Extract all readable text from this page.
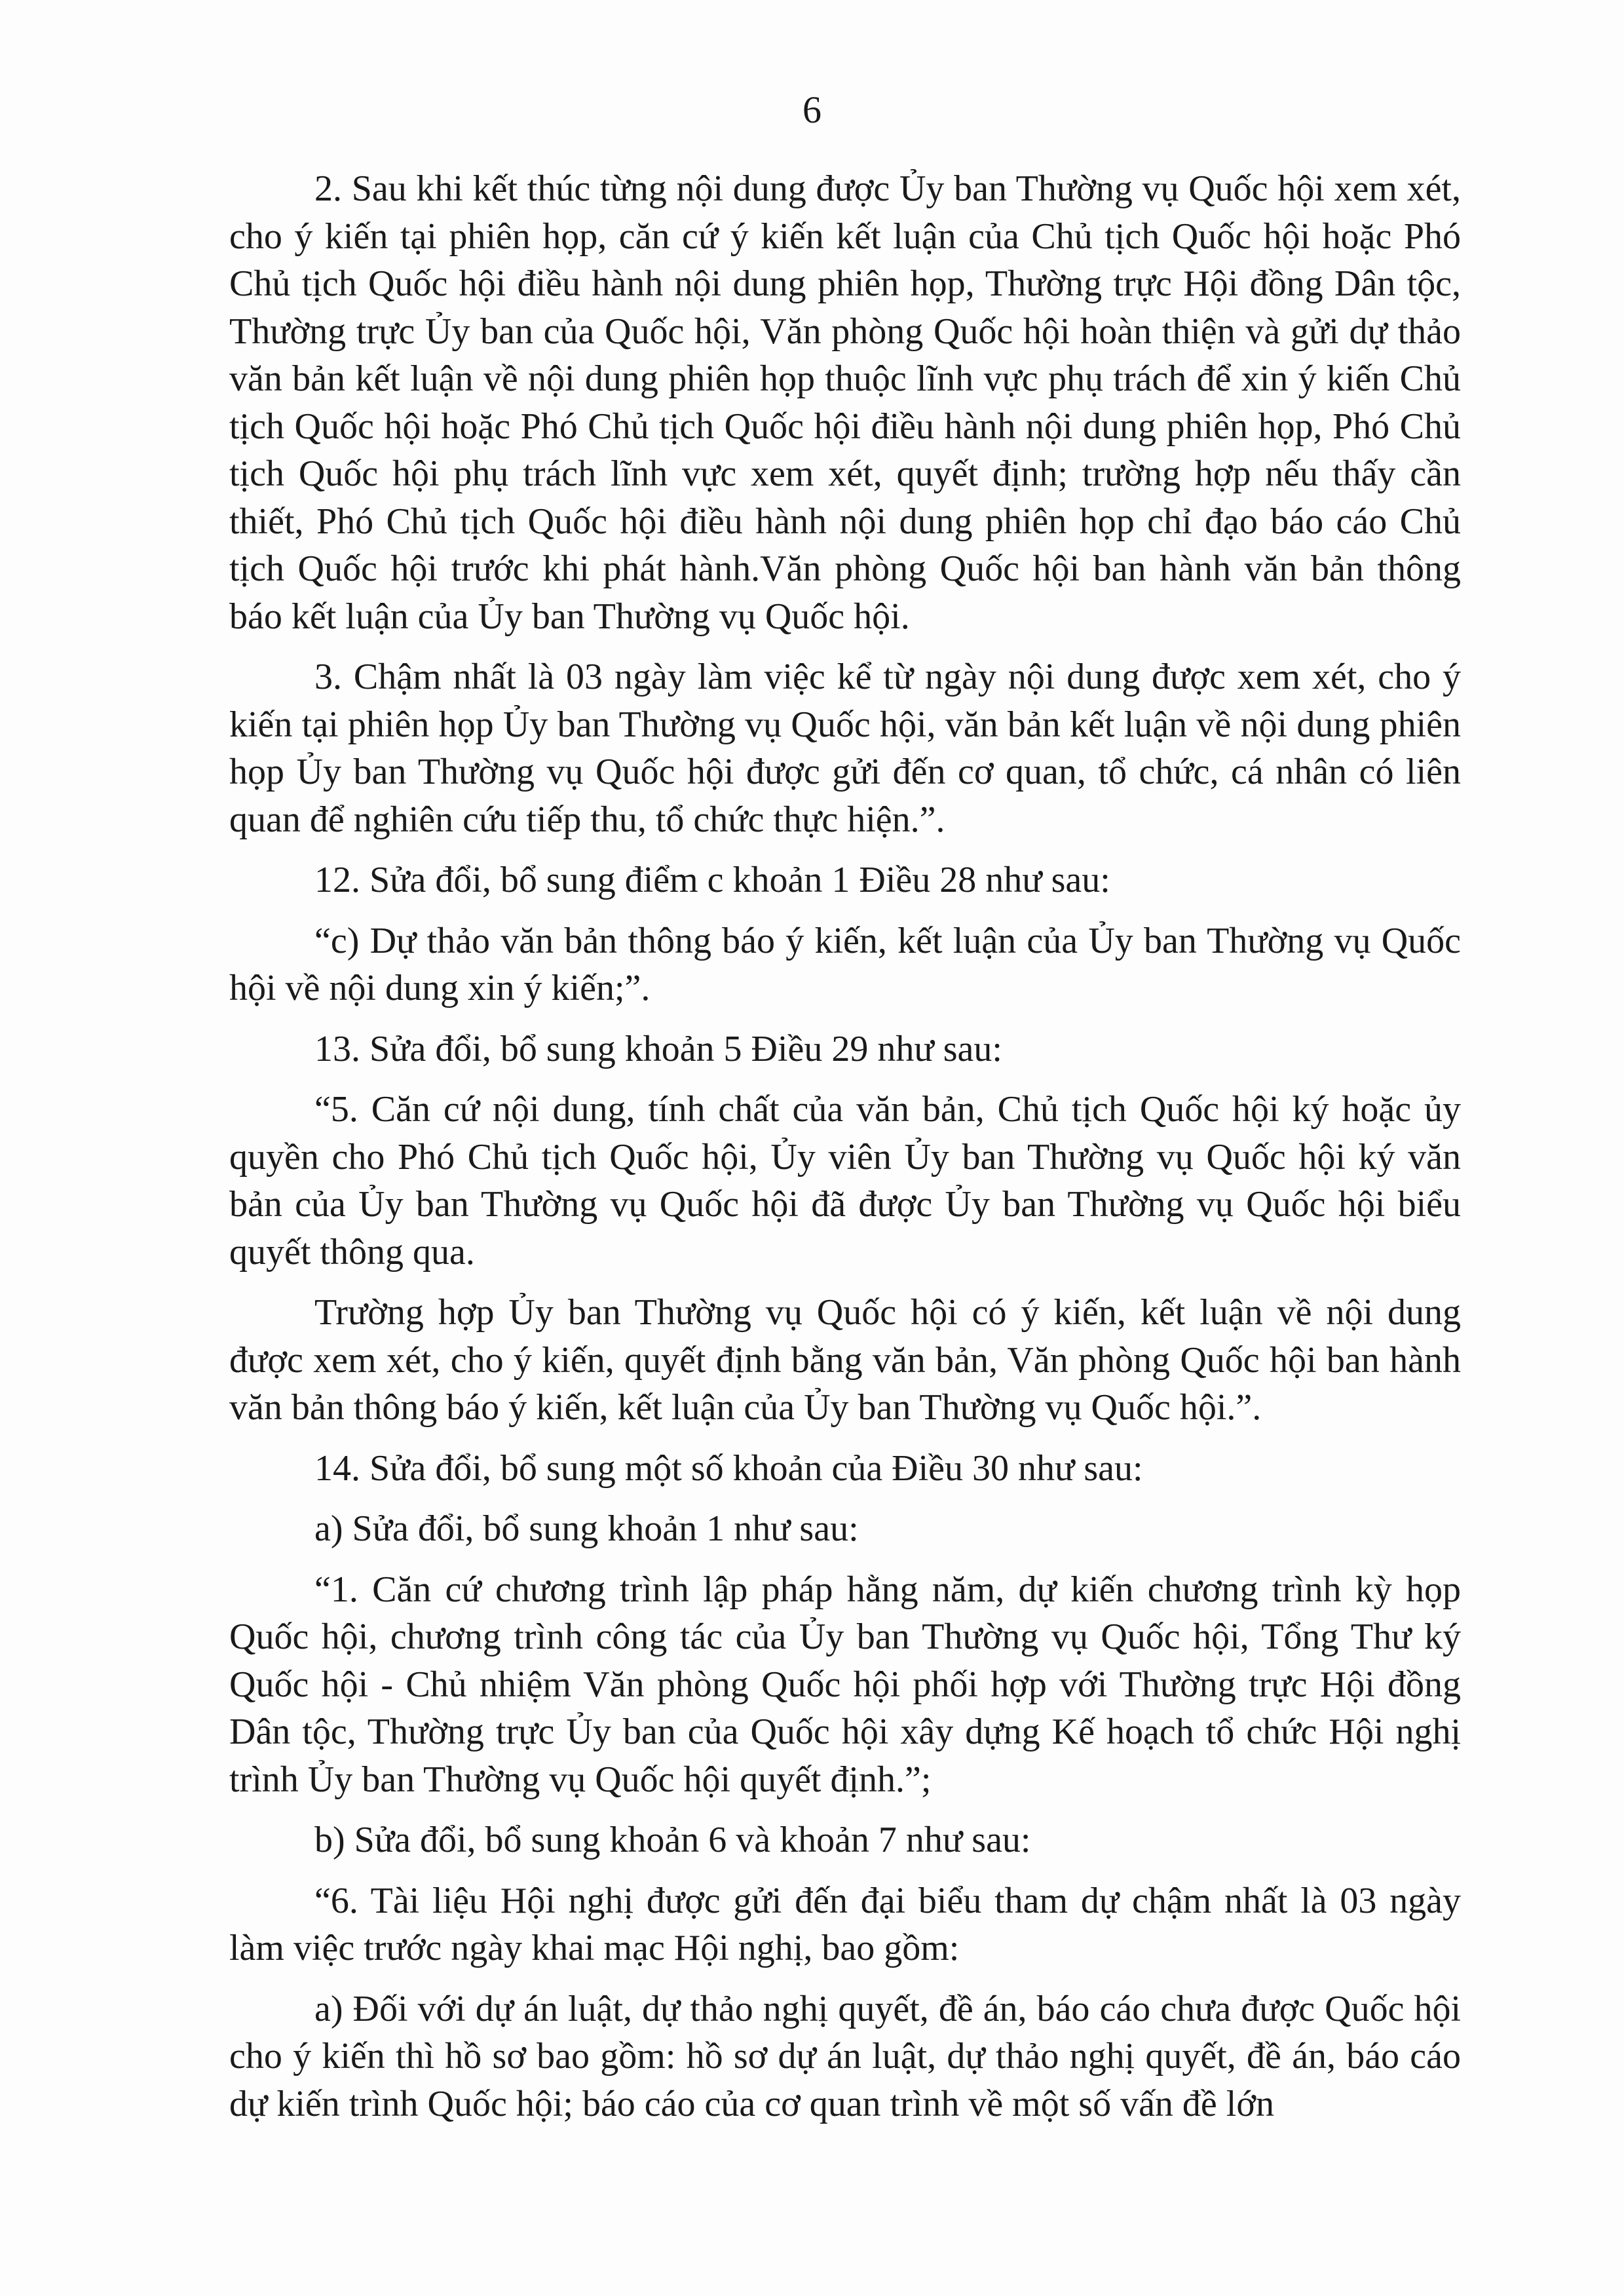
6

2. Sau khi kết thúc từng nội dung được Ủy ban Thường vụ Quốc hội xem xét, cho ý kiến tại phiên họp, căn cứ ý kiến kết luận của Chủ tịch Quốc hội hoặc Phó Chủ tịch Quốc hội điều hành nội dung phiên họp, Thường trực Hội đồng Dân tộc, Thường trực Ủy ban của Quốc hội, Văn phòng Quốc hội hoàn thiện và gửi dự thảo văn bản kết luận về nội dung phiên họp thuộc lĩnh vực phụ trách để xin ý kiến Chủ tịch Quốc hội hoặc Phó Chủ tịch Quốc hội điều hành nội dung phiên họp, Phó Chủ tịch Quốc hội phụ trách lĩnh vực xem xét, quyết định; trường hợp nếu thấy cần thiết, Phó Chủ tịch Quốc hội điều hành nội dung phiên họp chỉ đạo báo cáo Chủ tịch Quốc hội trước khi phát hành.Văn phòng Quốc hội ban hành văn bản thông báo kết luận của Ủy ban Thường vụ Quốc hội.

3. Chậm nhất là 03 ngày làm việc kể từ ngày nội dung được xem xét, cho ý kiến tại phiên họp Ủy ban Thường vụ Quốc hội, văn bản kết luận về nội dung phiên họp Ủy ban Thường vụ Quốc hội được gửi đến cơ quan, tổ chức, cá nhân có liên quan để nghiên cứu tiếp thu, tổ chức thực hiện.”.

12. Sửa đổi, bổ sung điểm c khoản 1 Điều 28 như sau:

“c) Dự thảo văn bản thông báo ý kiến, kết luận của Ủy ban Thường vụ Quốc hội về nội dung xin ý kiến;”.

13. Sửa đổi, bổ sung khoản 5 Điều 29 như sau:

“5. Căn cứ nội dung, tính chất của văn bản, Chủ tịch Quốc hội ký hoặc ủy quyền cho Phó Chủ tịch Quốc hội, Ủy viên Ủy ban Thường vụ Quốc hội ký văn bản của Ủy ban Thường vụ Quốc hội đã được Ủy ban Thường vụ Quốc hội biểu quyết thông qua.

Trường hợp Ủy ban Thường vụ Quốc hội có ý kiến, kết luận về nội dung được xem xét, cho ý kiến, quyết định bằng văn bản, Văn phòng Quốc hội ban hành văn bản thông báo ý kiến, kết luận của Ủy ban Thường vụ Quốc hội.”.

14. Sửa đổi, bổ sung một số khoản của Điều 30 như sau:

a) Sửa đổi, bổ sung khoản 1 như sau:

“1. Căn cứ chương trình lập pháp hằng năm, dự kiến chương trình kỳ họp Quốc hội, chương trình công tác của Ủy ban Thường vụ Quốc hội, Tổng Thư ký Quốc hội - Chủ nhiệm Văn phòng Quốc hội phối hợp với Thường trực Hội đồng Dân tộc, Thường trực Ủy ban của Quốc hội xây dựng Kế hoạch tổ chức Hội nghị trình Ủy ban Thường vụ Quốc hội quyết định.”;

b) Sửa đổi, bổ sung khoản 6 và khoản 7 như sau:

“6. Tài liệu Hội nghị được gửi đến đại biểu tham dự chậm nhất là 03 ngày làm việc trước ngày khai mạc Hội nghị, bao gồm:

a) Đối với dự án luật, dự thảo nghị quyết, đề án, báo cáo chưa được Quốc hội cho ý kiến thì hồ sơ bao gồm: hồ sơ dự án luật, dự thảo nghị quyết, đề án, báo cáo dự kiến trình Quốc hội; báo cáo của cơ quan trình về một số vấn đề lớn
